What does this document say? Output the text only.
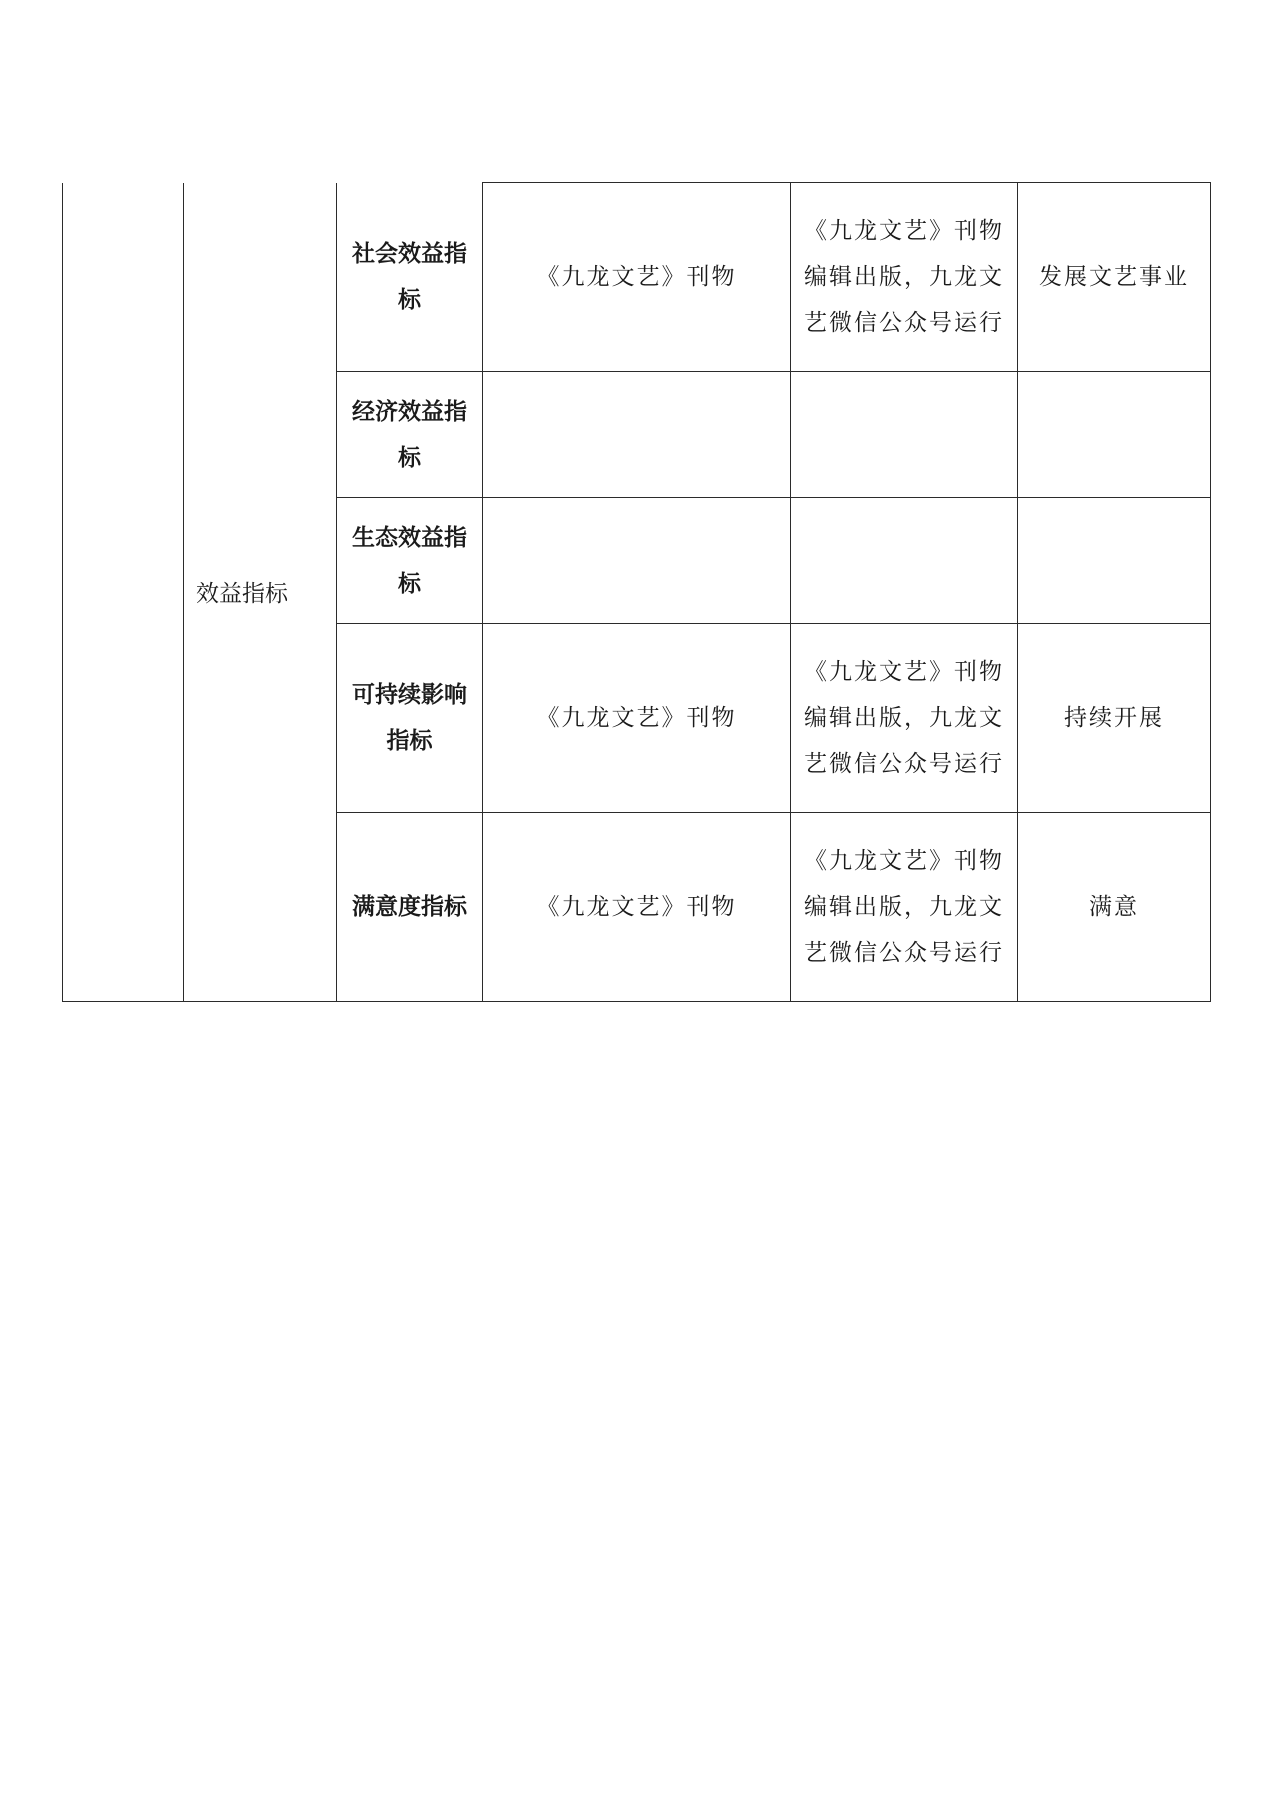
	效益指标	社会效益指标	《九龙文艺》刊物	《九龙文艺》刊物编辑出版，九龙文艺微信公众号运行	发展文艺事业
		经济效益指标			
		生态效益指标			
		可持续影响指标	《九龙文艺》刊物	《九龙文艺》刊物编辑出版，九龙文艺微信公众号运行	持续开展
		满意度指标	《九龙文艺》刊物	《九龙文艺》刊物编辑出版，九龙文艺微信公众号运行	满意
